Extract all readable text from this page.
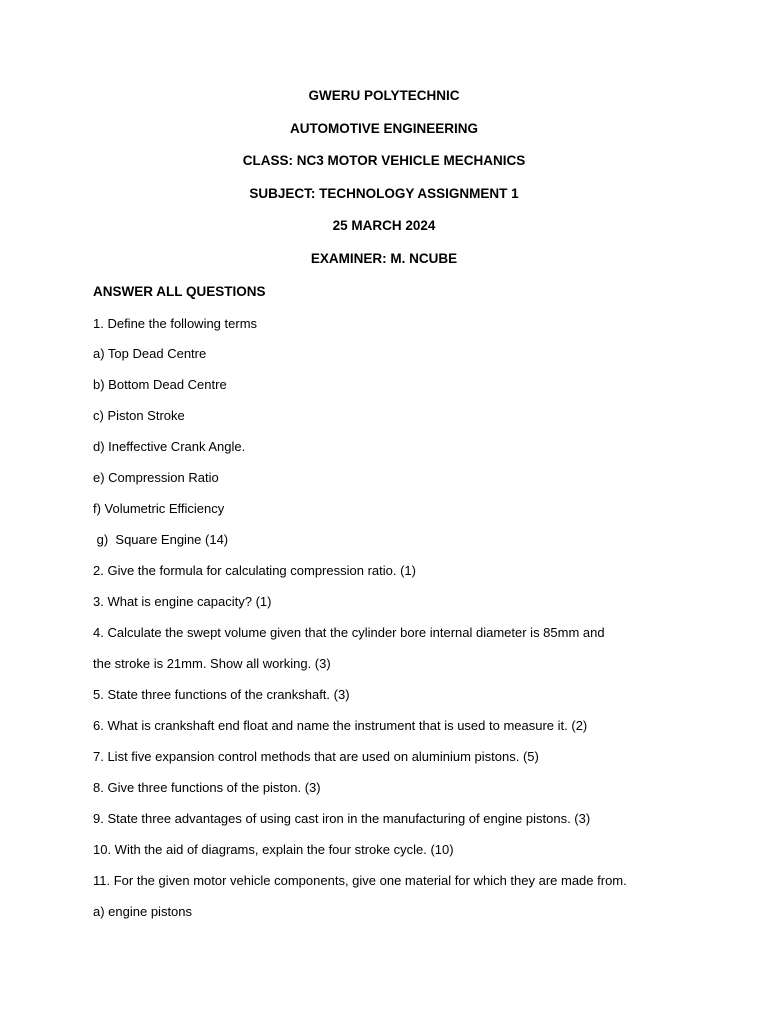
GWERU POLYTECHNIC
AUTOMOTIVE ENGINEERING
CLASS: NC3 MOTOR VEHICLE MECHANICS
SUBJECT: TECHNOLOGY ASSIGNMENT 1
25 MARCH 2024
EXAMINER: M. NCUBE
ANSWER ALL QUESTIONS
1. Define the following terms
a) Top Dead Centre
b) Bottom Dead Centre
c) Piston Stroke
d) Ineffective Crank Angle.
e) Compression Ratio
f) Volumetric Efficiency
g)  Square Engine (14)
2. Give the formula for calculating compression ratio. (1)
3. What is engine capacity? (1)
4. Calculate the swept volume given that the cylinder bore internal diameter is 85mm and
the stroke is 21mm. Show all working. (3)
5. State three functions of the crankshaft. (3)
6. What is crankshaft end float and name the instrument that is used to measure it. (2)
7. List five expansion control methods that are used on aluminium pistons. (5)
8. Give three functions of the piston. (3)
9. State three advantages of using cast iron in the manufacturing of engine pistons. (3)
10. With the aid of diagrams, explain the four stroke cycle. (10)
11. For the given motor vehicle components, give one material for which they are made from.
a) engine pistons
